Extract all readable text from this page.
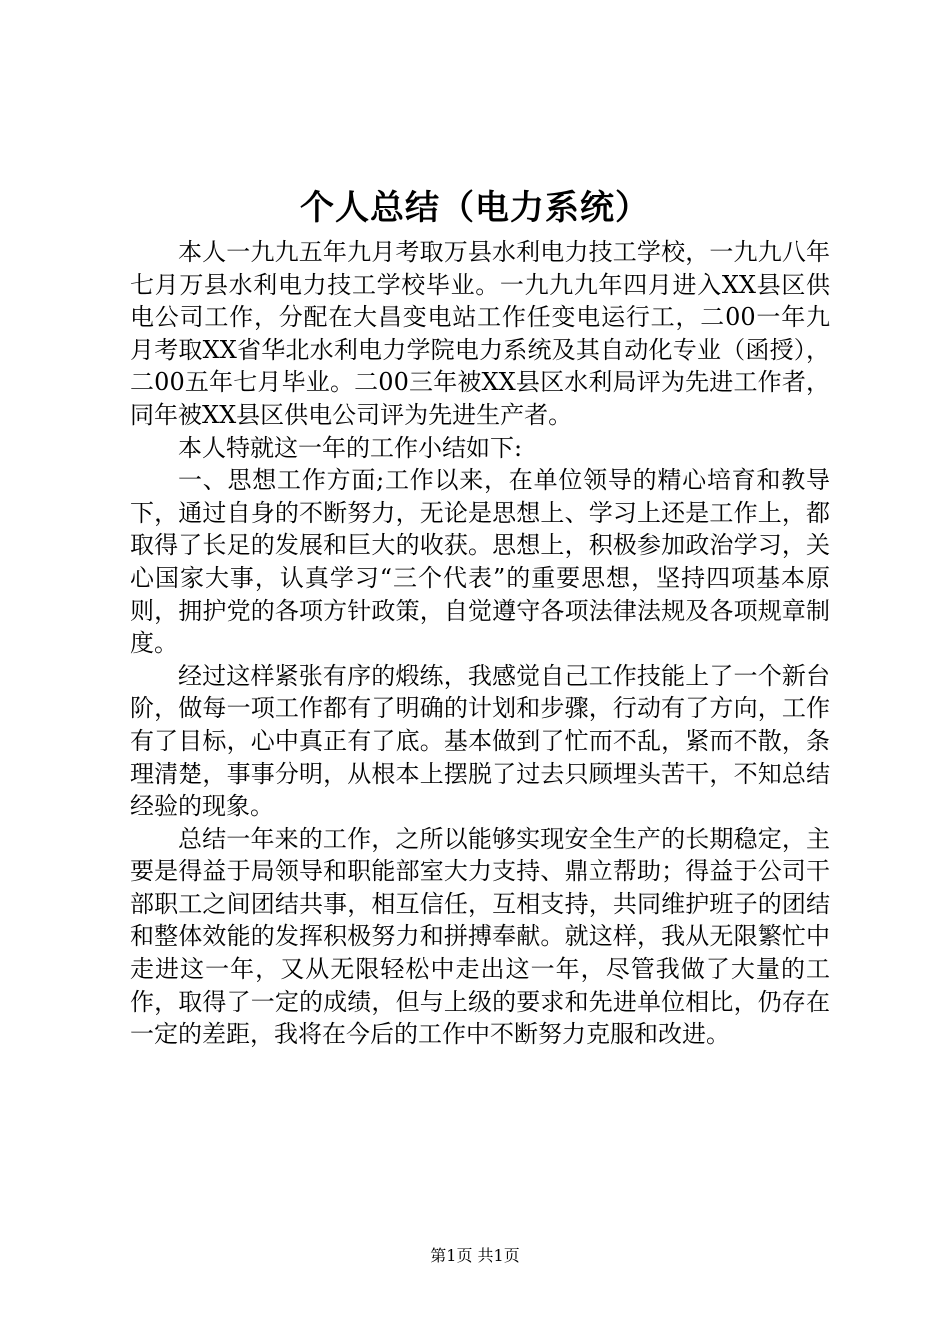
个人总结（电力系统）

本人一九九五年九月考取万县水利电力技工学校，一九九八年七月万县水利电力技工学校毕业。一九九九年四月进入XX县区供电公司工作，分配在大昌变电站工作任变电运行工，二00一年九月考取XX省华北水利电力学院电力系统及其自动化专业（函授），二00五年七月毕业。二00三年被XX县区水利局评为先进工作者，同年被XX县区供电公司评为先进生产者。

本人特就这一年的工作小结如下:

一、思想工作方面;工作以来，在单位领导的精心培育和教导下，通过自身的不断努力，无论是思想上、学习上还是工作上，都取得了长足的发展和巨大的收获。思想上，积极参加政治学习，关心国家大事，认真学习“三个代表”的重要思想，坚持四项基本原则，拥护党的各项方针政策，自觉遵守各项法律法规及各项规章制度。

经过这样紧张有序的煅练，我感觉自己工作技能上了一个新台阶，做每一项工作都有了明确的计划和步骤，行动有了方向，工作有了目标，心中真正有了底。基本做到了忙而不乱，紧而不散，条理清楚，事事分明，从根本上摆脱了过去只顾埋头苦干，不知总结经验的现象。

总结一年来的工作，之所以能够实现安全生产的长期稳定，主要是得益于局领导和职能部室大力支持、鼎立帮助；得益于公司干部职工之间团结共事，相互信任，互相支持，共同维护班子的团结和整体效能的发挥积极努力和拼搏奉献。就这样，我从无限繁忙中走进这一年，又从无限轻松中走出这一年，尽管我做了大量的工作，取得了一定的成绩，但与上级的要求和先进单位相比，仍存在一定的差距，我将在今后的工作中不断努力克服和改进。

第1页 共1页
